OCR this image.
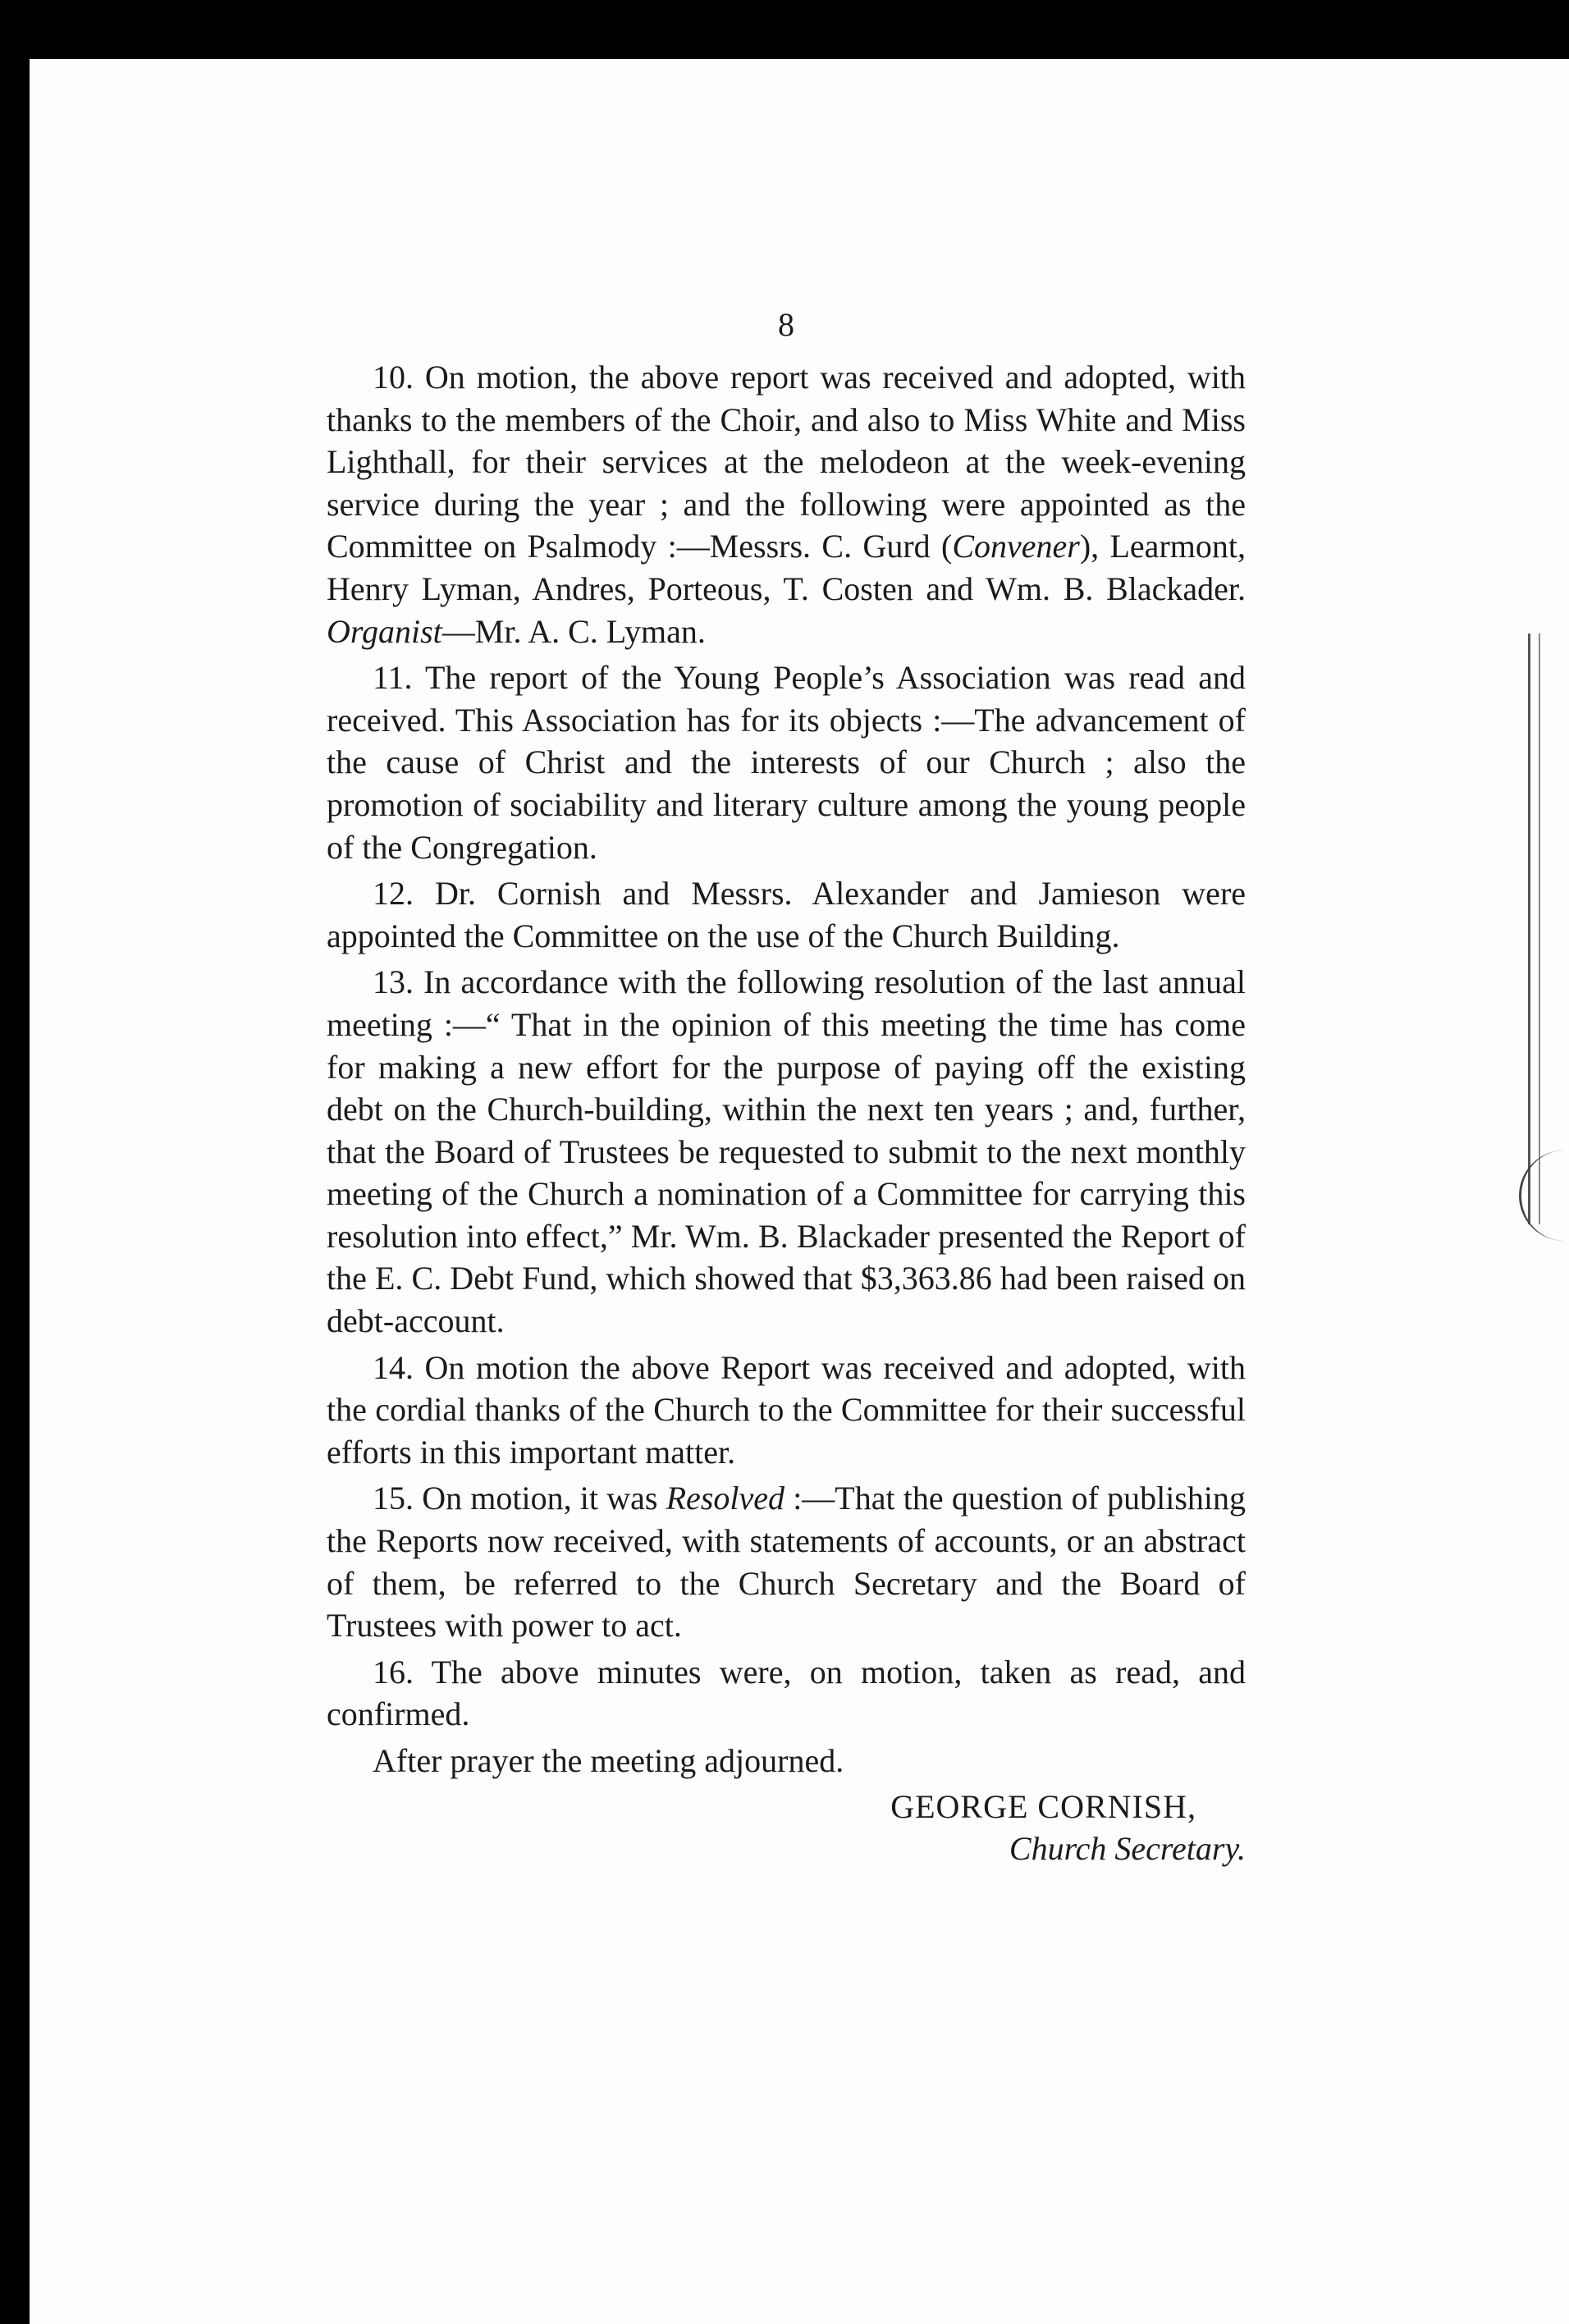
8

10. On motion, the above report was received and adopted, with thanks to the members of the Choir, and also to Miss White and Miss Lighthall, for their services at the melodeon at the week-evening service during the year ; and the following were appointed as the Committee on Psalmody :—Messrs. C. Gurd (Convener), Learmont, Henry Lyman, Andres, Porteous, T. Costen and Wm. B. Blackader. Organist—Mr. A. C. Lyman.

11. The report of the Young People’s Association was read and received. This Association has for its objects :—The advancement of the cause of Christ and the interests of our Church ; also the promotion of sociability and literary culture among the young people of the Congregation.

12. Dr. Cornish and Messrs. Alexander and Jamieson were appointed the Committee on the use of the Church Building.

13. In accordance with the following resolution of the last annual meeting :—“ That in the opinion of this meeting the time has come for making a new effort for the purpose of paying off the existing debt on the Church-building, within the next ten years ; and, further, that the Board of Trustees be requested to submit to the next monthly meeting of the Church a nomination of a Committee for carrying this resolution into effect,” Mr. Wm. B. Blackader presented the Report of the E. C. Debt Fund, which showed that $3,363.86 had been raised on debt-account.

14. On motion the above Report was received and adopted, with the cordial thanks of the Church to the Committee for their successful efforts in this important matter.

15. On motion, it was Resolved :—That the question of publishing the Reports now received, with statements of accounts, or an abstract of them, be referred to the Church Secretary and the Board of Trustees with power to act.

16. The above minutes were, on motion, taken as read, and confirmed.

After prayer the meeting adjourned.

GEORGE CORNISH,

Church Secretary.
